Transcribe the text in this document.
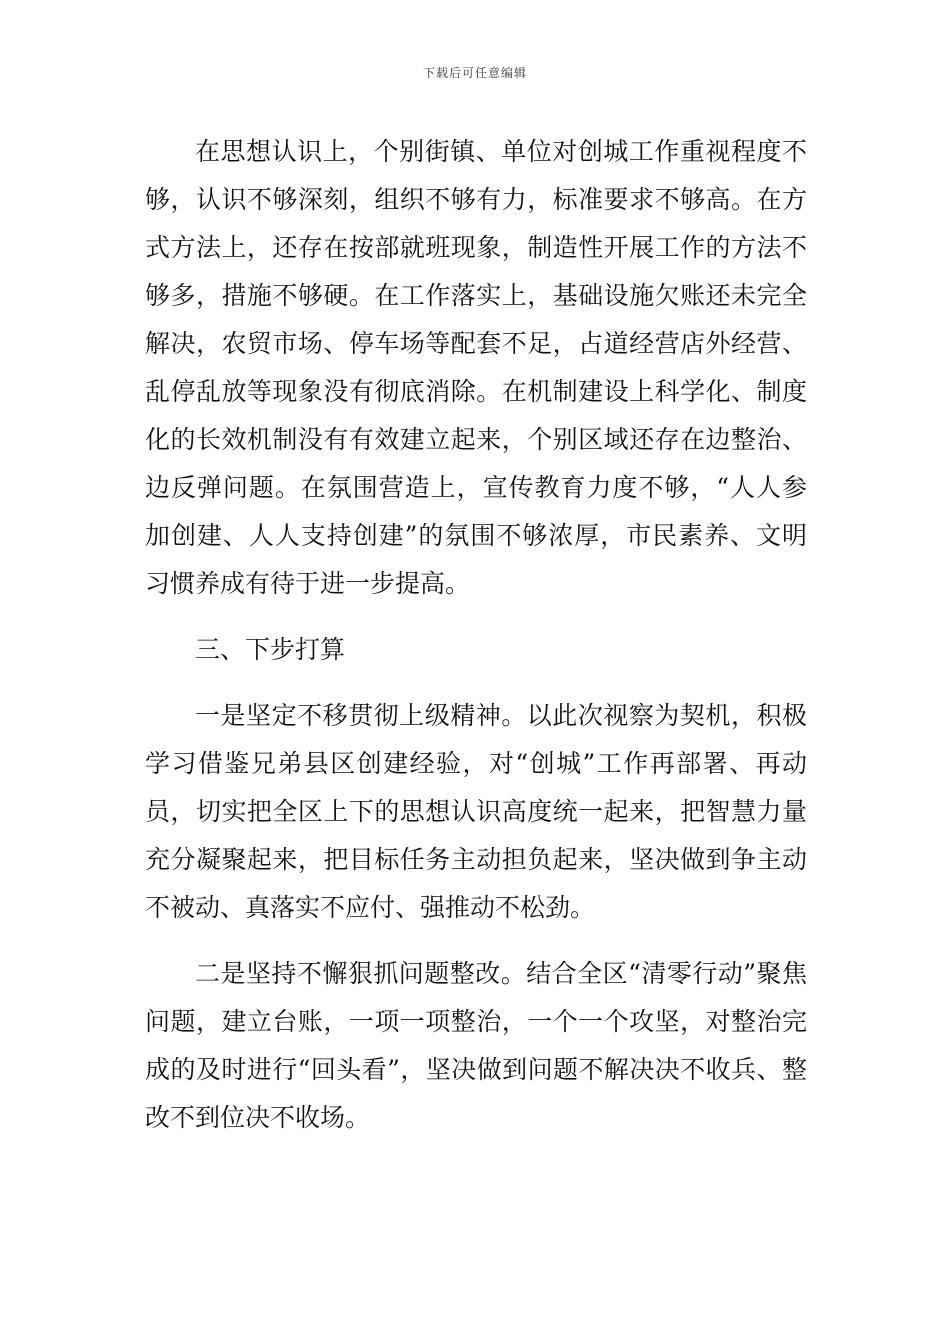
下载后可任意编辑

在思想认识上，个别街镇、单位对创城工作重视程度不够，认识不够深刻，组织不够有力，标准要求不够高。在方式方法上，还存在按部就班现象，制造性开展工作的方法不够多，措施不够硬。在工作落实上，基础设施欠账还未完全解决，农贸市场、停车场等配套不足，占道经营店外经营、乱停乱放等现象没有彻底消除。在机制建设上科学化、制度化的长效机制没有有效建立起来，个别区域还存在边整治、边反弹问题。在氛围营造上，宣传教育力度不够，“人人参加创建、人人支持创建”的氛围不够浓厚，市民素养、文明习惯养成有待于进一步提高。

三、下步打算

一是坚定不移贯彻上级精神。以此次视察为契机，积极学习借鉴兄弟县区创建经验，对“创城”工作再部署、再动员，切实把全区上下的思想认识高度统一起来，把智慧力量充分凝聚起来，把目标任务主动担负起来，坚决做到争主动不被动、真落实不应付、强推动不松劲。

二是坚持不懈狠抓问题整改。结合全区“清零行动”聚焦问题，建立台账，一项一项整治，一个一个攻坚，对整治完成的及时进行“回头看”，坚决做到问题不解决决不收兵、整改不到位决不收场。
